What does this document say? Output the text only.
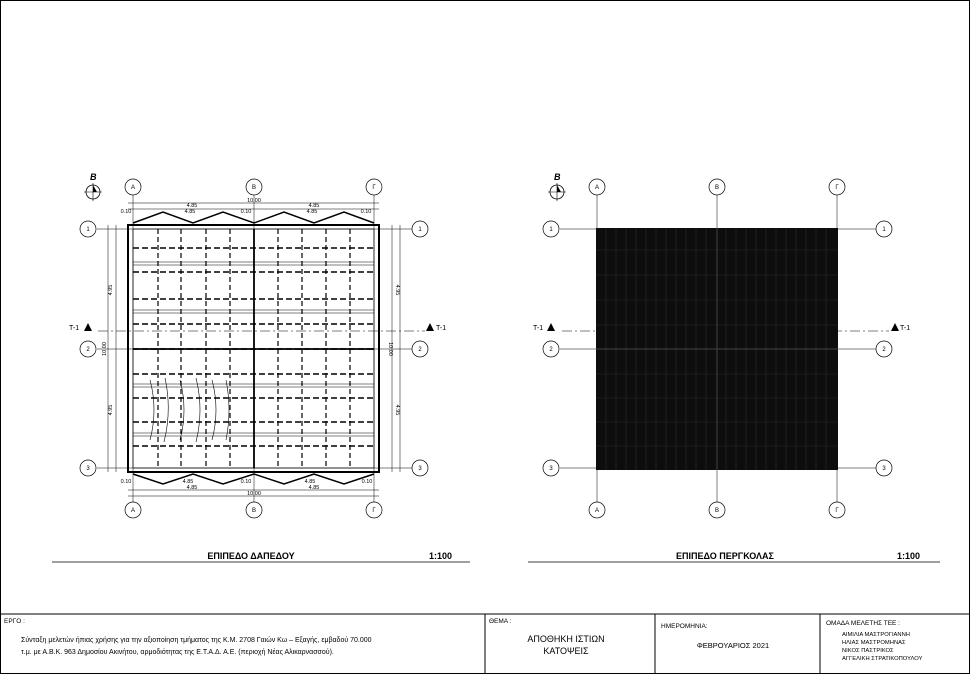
B
Α	Β	Γ
Α	Β	Γ
1
2
3
1
2
3
T-1	T-1
10.00
4.85	4.85
4.85	4.85
0.10	0.10	0.10
10.00
4.85	4.85
4.85	4.85
0.10	0.10	0.10
4.95
4.95
10.00
4.95
4.95
10.00
ΕΠΙΠΕΔΟ ΔΑΠΕΔΟΥ	1:100
B
T-1	T-1
Α	Β	Γ
Α	Β	Γ
1
2
3
1
2
3
ΕΠΙΠΕΔΟ ΠΕΡΓΚΟΛΑΣ	1:100
ΕΡΓΟ :
Σύνταξη μελετών ήπιας χρήσης για την αξιοποίηση τμήματος της Κ.Μ. 2708 Γαιών Κω – Εξαγής, εμβαδού 70.000
τ.μ. με Α.Β.Κ. 963 Δημοσίου Ακινήτου, αρμοδιότητας της Ε.Τ.Α.Δ. Α.Ε. (περιοχή Νέας Αλικαρνασσού).
ΘΕΜΑ :
ΑΠΟΘΗΚΗ ΙΣΤΙΩΝ
ΚΑΤΟΨΕΙΣ
ΗΜΕΡΟΜΗΝΙΑ:
ΦΕΒΡΟΥΑΡΙΟΣ 2021
ΟΜΑΔΑ ΜΕΛΕΤΗΣ ΤΕΕ :
ΑΙΜΙΛΙΑ ΜΑΣΤΡΟΓΙΑΝΝΗ
ΗΛΙΑΣ ΜΑΣΤΡΟΜΗΝΑΣ
ΝΙΚΟΣ ΠΑΣΤΡΙΚΟΣ
ΑΓΓΕΛΙΚΗ ΣΤΡΑΤΙΚΟΠΟΥΛΟΥ
